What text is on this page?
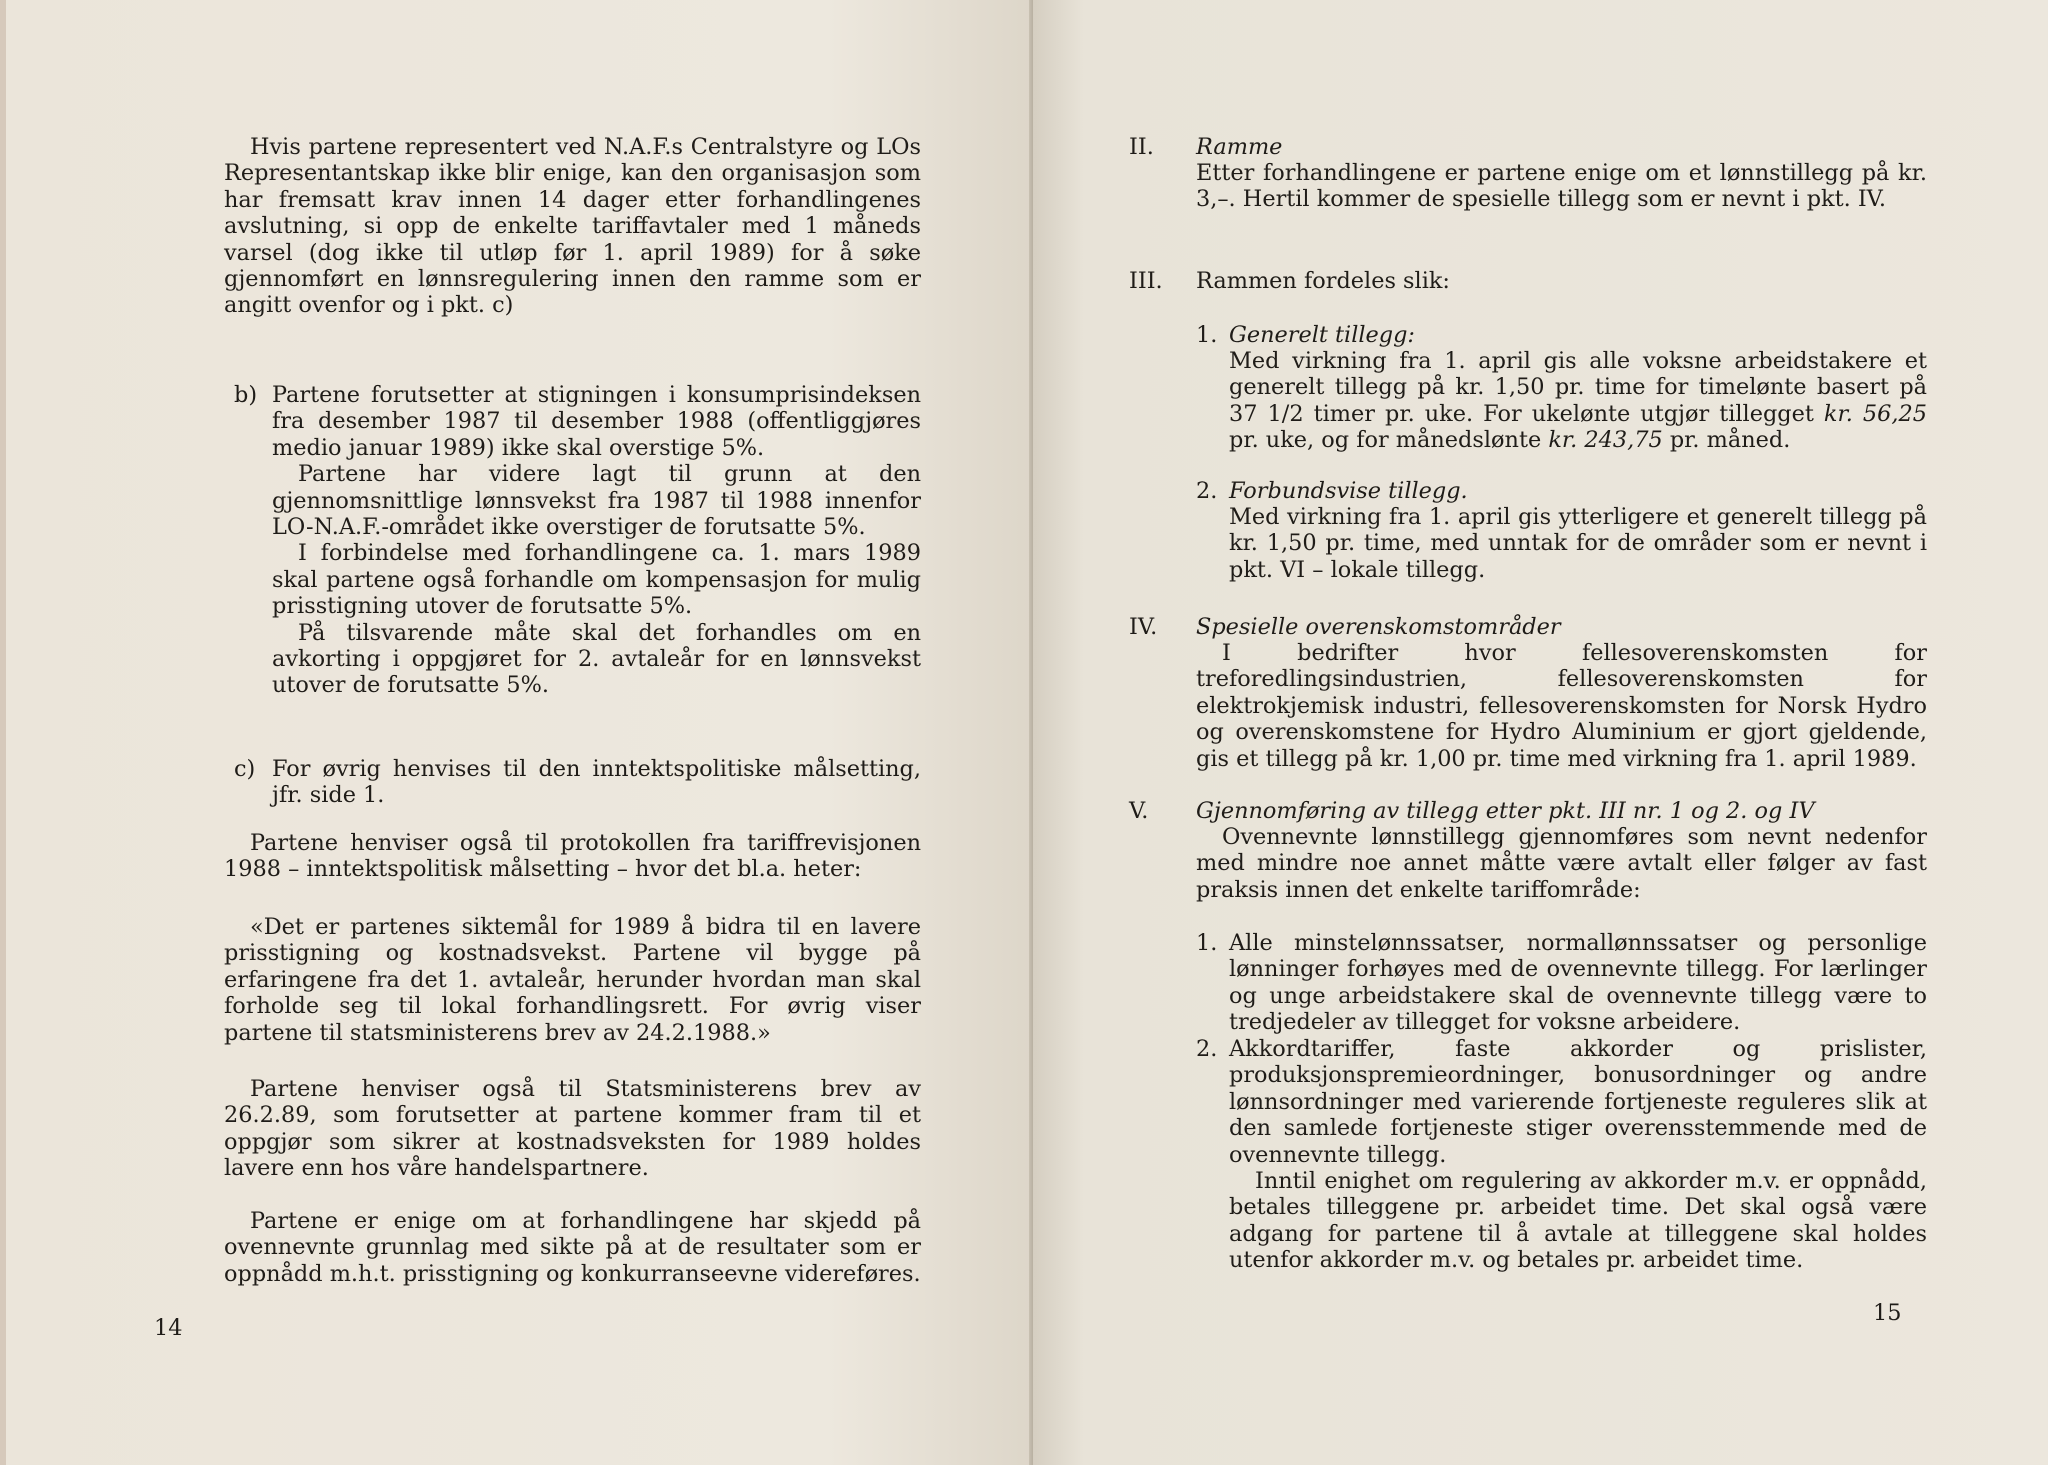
Hvis partene representert ved N.A.F.s Centralstyre og LOs Representantskap ikke blir enige, kan den organisasjon som har fremsatt krav innen 14 dager etter forhandlingenes avslutning, si opp de enkelte tariffavtaler med 1 måneds varsel (dog ikke til utløp før 1. april 1989) for å søke gjennomført en lønnsregulering innen den ramme som er angitt ovenfor og i pkt. c)

b) Partene forutsetter at stigningen i konsumprisindeksen fra desember 1987 til desember 1988 (offentliggjøres medio januar 1989) ikke skal overstige 5%.

Partene har videre lagt til grunn at den gjennomsnittlige lønnsvekst fra 1987 til 1988 innenfor LO-N.A.F.-området ikke overstiger de forutsatte 5%.

I forbindelse med forhandlingene ca. 1. mars 1989 skal partene også forhandle om kompensasjon for mulig prisstigning utover de forutsatte 5%.

På tilsvarende måte skal det forhandles om en avkorting i oppgjøret for 2. avtaleår for en lønnsvekst utover de forutsatte 5%.

c) For øvrig henvises til den inntektspolitiske målsetting, jfr. side 1.

Partene henviser også til protokollen fra tariffrevisjonen 1988 – inntektspolitisk målsetting – hvor det bl.a. heter:

«Det er partenes siktemål for 1989 å bidra til en lavere prisstigning og kostnadsvekst. Partene vil bygge på erfaringene fra det 1. avtaleår, herunder hvordan man skal forholde seg til lokal forhandlingsrett. For øvrig viser partene til statsministerens brev av 24.2.1988.»

Partene henviser også til Statsministerens brev av 26.2.89, som forutsetter at partene kommer fram til et oppgjør som sikrer at kostnadsveksten for 1989 holdes lavere enn hos våre handelspartnere.

Partene er enige om at forhandlingene har skjedd på ovennevnte grunnlag med sikte på at de resultater som er oppnådd m.h.t. prisstigning og konkurranseevne videreføres.

14
II. Ramme

Etter forhandlingene er partene enige om et lønnstillegg på kr. 3,–. Hertil kommer de spesielle tillegg som er nevnt i pkt. IV.

III. Rammen fordeles slik:
1. Generelt tillegg:

Med virkning fra 1. april gis alle voksne arbeidstakere et generelt tillegg på kr. 1,50 pr. time for timelønte basert på 37 1/2 timer pr. uke. For ukelønte utgjør tillegget kr. 56,25 pr. uke, og for månedslønte kr. 243,75 pr. måned.

2. Forbundsvise tillegg.

Med virkning fra 1. april gis ytterligere et generelt tillegg på kr. 1,50 pr. time, med unntak for de områder som er nevnt i pkt. VI – lokale tillegg.

IV. Spesielle overenskomstområder

I bedrifter hvor fellesoverenskomsten for treforedlingsindustrien, fellesoverenskomsten for elektrokjemisk industri, fellesoverenskomsten for Norsk Hydro og overenskomstene for Hydro Aluminium er gjort gjeldende, gis et tillegg på kr. 1,00 pr. time med virkning fra 1. april 1989.

V. Gjennomføring av tillegg etter pkt. III nr. 1 og 2. og IV

Ovennevnte lønnstillegg gjennomføres som nevnt nedenfor med mindre noe annet måtte være avtalt eller følger av fast praksis innen det enkelte tariffområde:

1. Alle minstelønnssatser, normallønnssatser og personlige lønninger forhøyes med de ovennevnte tillegg. For lærlinger og unge arbeidstakere skal de ovennevnte tillegg være to tredjedeler av tillegget for voksne arbeidere.

2. Akkordtariffer, faste akkorder og prislister, produksjonspremieordninger, bonusordninger og andre lønnsordninger med varierende fortjeneste reguleres slik at den samlede fortjeneste stiger overensstemmende med de ovennevnte tillegg.

Inntil enighet om regulering av akkorder m.v. er oppnådd, betales tilleggene pr. arbeidet time. Det skal også være adgang for partene til å avtale at tilleggene skal holdes utenfor akkorder m.v. og betales pr. arbeidet time.

15
